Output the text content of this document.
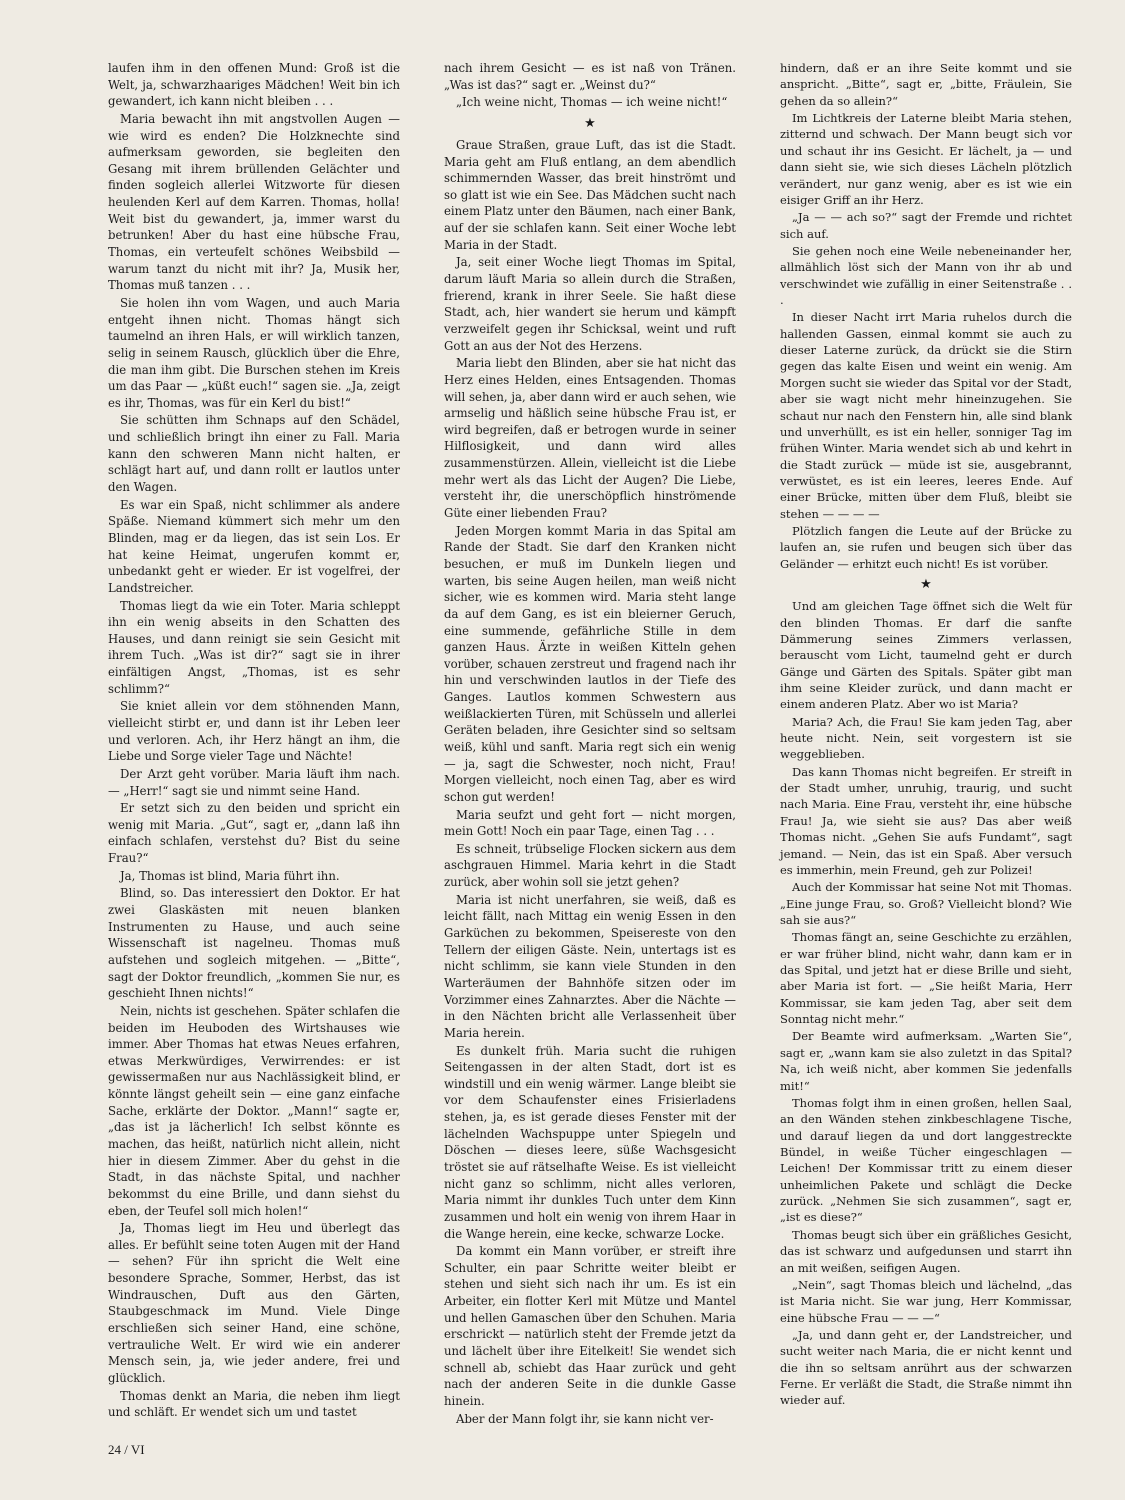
laufen ihm in den offenen Mund: Groß ist die Welt, ja, schwarzhaariges Mädchen! Weit bin ich gewandert, ich kann nicht bleiben . . .

Maria bewacht ihn mit angstvollen Augen — wie wird es enden? Die Holzknechte sind aufmerksam geworden, sie begleiten den Gesang mit ihrem brüllenden Gelächter und finden sogleich allerlei Witzworte für diesen heulenden Kerl auf dem Karren. Thomas, holla! Weit bist du gewandert, ja, immer warst du betrunken! Aber du hast eine hübsche Frau, Thomas, ein verteufelt schönes Weibsbild — warum tanzt du nicht mit ihr? Ja, Musik her, Thomas muß tanzen . . .

Sie holen ihn vom Wagen, und auch Maria entgeht ihnen nicht. Thomas hängt sich taumelnd an ihren Hals, er will wirklich tanzen, selig in seinem Rausch, glücklich über die Ehre, die man ihm gibt. Die Burschen stehen im Kreis um das Paar — „küßt euch!“ sagen sie. „Ja, zeigt es ihr, Thomas, was für ein Kerl du bist!“

Sie schütten ihm Schnaps auf den Schädel, und schließlich bringt ihn einer zu Fall. Maria kann den schweren Mann nicht halten, er schlägt hart auf, und dann rollt er lautlos unter den Wagen.

Es war ein Spaß, nicht schlimmer als andere Späße. Niemand kümmert sich mehr um den Blinden, mag er da liegen, das ist sein Los. Er hat keine Heimat, ungerufen kommt er, unbedankt geht er wieder. Er ist vogelfrei, der Landstreicher.

Thomas liegt da wie ein Toter. Maria schleppt ihn ein wenig abseits in den Schatten des Hauses, und dann reinigt sie sein Gesicht mit ihrem Tuch. „Was ist dir?“ sagt sie in ihrer einfältigen Angst, „Thomas, ist es sehr schlimm?“

Sie kniet allein vor dem stöhnenden Mann, vielleicht stirbt er, und dann ist ihr Leben leer und verloren. Ach, ihr Herz hängt an ihm, die Liebe und Sorge vieler Tage und Nächte!

Der Arzt geht vorüber. Maria läuft ihm nach. — „Herr!“ sagt sie und nimmt seine Hand.

Er setzt sich zu den beiden und spricht ein wenig mit Maria. „Gut“, sagt er, „dann laß ihn einfach schlafen, verstehst du? Bist du seine Frau?“

Ja, Thomas ist blind, Maria führt ihn.

Blind, so. Das interessiert den Doktor. Er hat zwei Glaskästen mit neuen blanken Instrumenten zu Hause, und auch seine Wissenschaft ist nagelneu. Thomas muß aufstehen und sogleich mitgehen. — „Bitte“, sagt der Doktor freundlich, „kommen Sie nur, es geschieht Ihnen nichts!“

Nein, nichts ist geschehen. Später schlafen die beiden im Heuboden des Wirtshauses wie immer. Aber Thomas hat etwas Neues erfahren, etwas Merkwürdiges, Verwirrendes: er ist gewissermaßen nur aus Nachlässigkeit blind, er könnte längst geheilt sein — eine ganz einfache Sache, erklärte der Doktor. „Mann!“ sagte er, „das ist ja lächerlich! Ich selbst könnte es machen, das heißt, natürlich nicht allein, nicht hier in diesem Zimmer. Aber du gehst in die Stadt, in das nächste Spital, und nachher bekommst du eine Brille, und dann siehst du eben, der Teufel soll mich holen!“

Ja, Thomas liegt im Heu und überlegt das alles. Er befühlt seine toten Augen mit der Hand — sehen? Für ihn spricht die Welt eine besondere Sprache, Sommer, Herbst, das ist Windrauschen, Duft aus den Gärten, Staubgeschmack im Mund. Viele Dinge erschließen sich seiner Hand, eine schöne, vertrauliche Welt. Er wird wie ein anderer Mensch sein, ja, wie jeder andere, frei und glücklich.

Thomas denkt an Maria, die neben ihm liegt und schläft. Er wendet sich um und tastet

nach ihrem Gesicht — es ist naß von Tränen. „Was ist das?“ sagt er. „Weinst du?“

„Ich weine nicht, Thomas — ich weine nicht!“

★

Graue Straßen, graue Luft, das ist die Stadt. Maria geht am Fluß entlang, an dem abendlich schimmernden Wasser, das breit hinströmt und so glatt ist wie ein See. Das Mädchen sucht nach einem Platz unter den Bäumen, nach einer Bank, auf der sie schlafen kann. Seit einer Woche lebt Maria in der Stadt.

Ja, seit einer Woche liegt Thomas im Spital, darum läuft Maria so allein durch die Straßen, frierend, krank in ihrer Seele. Sie haßt diese Stadt, ach, hier wandert sie herum und kämpft verzweifelt gegen ihr Schicksal, weint und ruft Gott an aus der Not des Herzens.

Maria liebt den Blinden, aber sie hat nicht das Herz eines Helden, eines Entsagenden. Thomas will sehen, ja, aber dann wird er auch sehen, wie armselig und häßlich seine hübsche Frau ist, er wird begreifen, daß er betrogen wurde in seiner Hilflosigkeit, und dann wird alles zusammenstürzen. Allein, vielleicht ist die Liebe mehr wert als das Licht der Augen? Die Liebe, versteht ihr, die unerschöpflich hinströmende Güte einer liebenden Frau?

Jeden Morgen kommt Maria in das Spital am Rande der Stadt. Sie darf den Kranken nicht besuchen, er muß im Dunkeln liegen und warten, bis seine Augen heilen, man weiß nicht sicher, wie es kommen wird. Maria steht lange da auf dem Gang, es ist ein bleierner Geruch, eine summende, gefährliche Stille in dem ganzen Haus. Ärzte in weißen Kitteln gehen vorüber, schauen zerstreut und fragend nach ihr hin und verschwinden lautlos in der Tiefe des Ganges. Lautlos kommen Schwestern aus weißlackierten Türen, mit Schüsseln und allerlei Geräten beladen, ihre Gesichter sind so seltsam weiß, kühl und sanft. Maria regt sich ein wenig — ja, sagt die Schwester, noch nicht, Frau! Morgen vielleicht, noch einen Tag, aber es wird schon gut werden!

Maria seufzt und geht fort — nicht morgen, mein Gott! Noch ein paar Tage, einen Tag . . .

Es schneit, trübselige Flocken sickern aus dem aschgrauen Himmel. Maria kehrt in die Stadt zurück, aber wohin soll sie jetzt gehen?

Maria ist nicht unerfahren, sie weiß, daß es leicht fällt, nach Mittag ein wenig Essen in den Garküchen zu bekommen, Speisereste von den Tellern der eiligen Gäste. Nein, untertags ist es nicht schlimm, sie kann viele Stunden in den Warteräumen der Bahnhöfe sitzen oder im Vorzimmer eines Zahnarztes. Aber die Nächte — in den Nächten bricht alle Verlassenheit über Maria herein.

Es dunkelt früh. Maria sucht die ruhigen Seitengassen in der alten Stadt, dort ist es windstill und ein wenig wärmer. Lange bleibt sie vor dem Schaufenster eines Frisierladens stehen, ja, es ist gerade dieses Fenster mit der lächelnden Wachspuppe unter Spiegeln und Döschen — dieses leere, süße Wachsgesicht tröstet sie auf rätselhafte Weise. Es ist vielleicht nicht ganz so schlimm, nicht alles verloren, Maria nimmt ihr dunkles Tuch unter dem Kinn zusammen und holt ein wenig von ihrem Haar in die Wange herein, eine kecke, schwarze Locke.

Da kommt ein Mann vorüber, er streift ihre Schulter, ein paar Schritte weiter bleibt er stehen und sieht sich nach ihr um. Es ist ein Arbeiter, ein flotter Kerl mit Mütze und Mantel und hellen Gamaschen über den Schuhen. Maria erschrickt — natürlich steht der Fremde jetzt da und lächelt über ihre Eitelkeit! Sie wendet sich schnell ab, schiebt das Haar zurück und geht nach der anderen Seite in die dunkle Gasse hinein.

Aber der Mann folgt ihr, sie kann nicht ver-

hindern, daß er an ihre Seite kommt und sie anspricht. „Bitte“, sagt er, „bitte, Fräulein, Sie gehen da so allein?“

Im Lichtkreis der Laterne bleibt Maria stehen, zitternd und schwach. Der Mann beugt sich vor und schaut ihr ins Gesicht. Er lächelt, ja — und dann sieht sie, wie sich dieses Lächeln plötzlich verändert, nur ganz wenig, aber es ist wie ein eisiger Griff an ihr Herz.

„Ja — — ach so?“ sagt der Fremde und richtet sich auf.

Sie gehen noch eine Weile nebeneinander her, allmählich löst sich der Mann von ihr ab und verschwindet wie zufällig in einer Seitenstraße . . .

In dieser Nacht irrt Maria ruhelos durch die hallenden Gassen, einmal kommt sie auch zu dieser Laterne zurück, da drückt sie die Stirn gegen das kalte Eisen und weint ein wenig. Am Morgen sucht sie wieder das Spital vor der Stadt, aber sie wagt nicht mehr hineinzugehen. Sie schaut nur nach den Fenstern hin, alle sind blank und unverhüllt, es ist ein heller, sonniger Tag im frühen Winter. Maria wendet sich ab und kehrt in die Stadt zurück — müde ist sie, ausgebrannt, verwüstet, es ist ein leeres, leeres Ende. Auf einer Brücke, mitten über dem Fluß, bleibt sie stehen — — — —

Plötzlich fangen die Leute auf der Brücke zu laufen an, sie rufen und beugen sich über das Geländer — erhitzt euch nicht! Es ist vorüber.

★

Und am gleichen Tage öffnet sich die Welt für den blinden Thomas. Er darf die sanfte Dämmerung seines Zimmers verlassen, berauscht vom Licht, taumelnd geht er durch Gänge und Gärten des Spitals. Später gibt man ihm seine Kleider zurück, und dann macht er einem anderen Platz. Aber wo ist Maria?

Maria? Ach, die Frau! Sie kam jeden Tag, aber heute nicht. Nein, seit vorgestern ist sie weggeblieben.

Das kann Thomas nicht begreifen. Er streift in der Stadt umher, unruhig, traurig, und sucht nach Maria. Eine Frau, versteht ihr, eine hübsche Frau! Ja, wie sieht sie aus? Das aber weiß Thomas nicht. „Gehen Sie aufs Fundamt“, sagt jemand. — Nein, das ist ein Spaß. Aber versuch es immerhin, mein Freund, geh zur Polizei!

Auch der Kommissar hat seine Not mit Thomas. „Eine junge Frau, so. Groß? Vielleicht blond? Wie sah sie aus?“

Thomas fängt an, seine Geschichte zu erzählen, er war früher blind, nicht wahr, dann kam er in das Spital, und jetzt hat er diese Brille und sieht, aber Maria ist fort. — „Sie heißt Maria, Herr Kommissar, sie kam jeden Tag, aber seit dem Sonntag nicht mehr.“

Der Beamte wird aufmerksam. „Warten Sie“, sagt er, „wann kam sie also zuletzt in das Spital? Na, ich weiß nicht, aber kommen Sie jedenfalls mit!“

Thomas folgt ihm in einen großen, hellen Saal, an den Wänden stehen zinkbeschlagene Tische, und darauf liegen da und dort langgestreckte Bündel, in weiße Tücher eingeschlagen — Leichen! Der Kommissar tritt zu einem dieser unheimlichen Pakete und schlägt die Decke zurück. „Nehmen Sie sich zusammen“, sagt er, „ist es diese?“

Thomas beugt sich über ein gräßliches Gesicht, das ist schwarz und aufgedunsen und starrt ihn an mit weißen, seifigen Augen.

„Nein“, sagt Thomas bleich und lächelnd, „das ist Maria nicht. Sie war jung, Herr Kommissar, eine hübsche Frau — — —“

„Ja, und dann geht er, der Landstreicher, und sucht weiter nach Maria, die er nicht kennt und die ihn so seltsam anrührt aus der schwarzen Ferne. Er verläßt die Stadt, die Straße nimmt ihn wieder auf.

24 / VI
